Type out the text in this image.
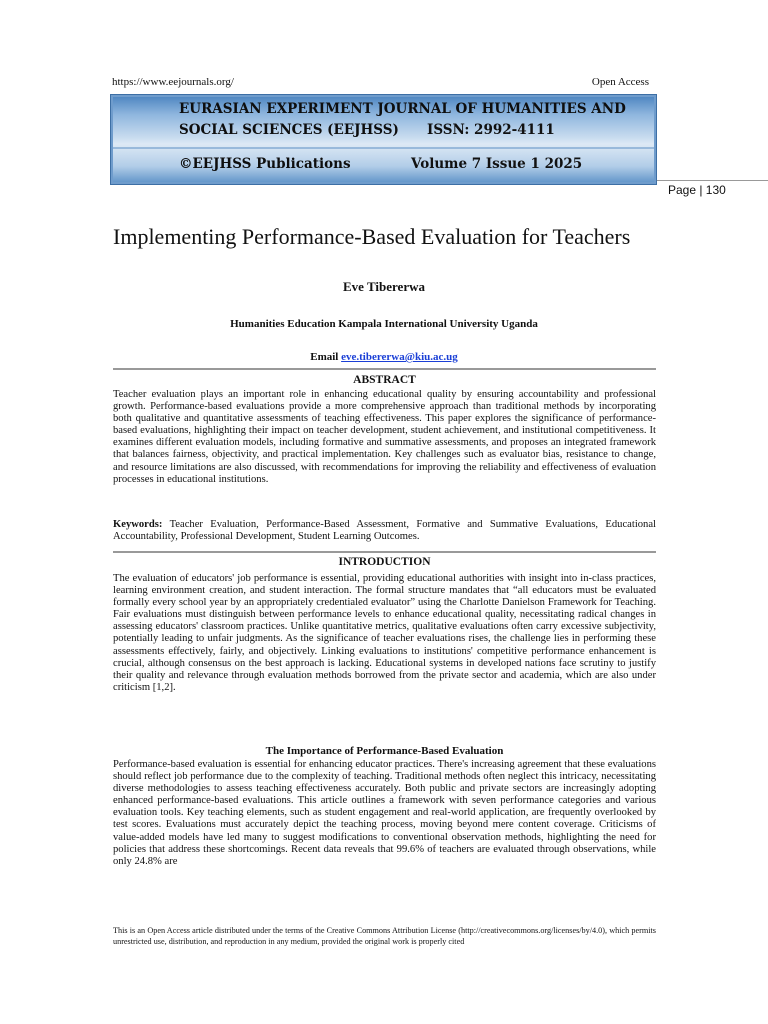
https://www.eejournals.org/	Open Access
EURASIAN EXPERIMENT JOURNAL OF HUMANITIES AND
SOCIAL SCIENCES (EEJHSS) ISSN: 2992-4111
©EEJHSS Publications	Volume 7 Issue 1 2025
Page | 130
Implementing Performance-Based Evaluation for Teachers
Eve Tibererwa
Humanities Education Kampala International University Uganda
Email eve.tibererwa@kiu.ac.ug
ABSTRACT
Teacher evaluation plays an important role in enhancing educational quality by ensuring accountability and professional growth. Performance-based evaluations provide a more comprehensive approach than traditional methods by incorporating both qualitative and quantitative assessments of teaching effectiveness. This paper explores the significance of performance-based evaluations, highlighting their impact on teacher development, student achievement, and institutional competitiveness. It examines different evaluation models, including formative and summative assessments, and proposes an integrated framework that balances fairness, objectivity, and practical implementation. Key challenges such as evaluator bias, resistance to change, and resource limitations are also discussed, with recommendations for improving the reliability and effectiveness of evaluation processes in educational institutions.
Keywords: Teacher Evaluation, Performance-Based Assessment, Formative and Summative Evaluations, Educational Accountability, Professional Development, Student Learning Outcomes.
INTRODUCTION
The evaluation of educators' job performance is essential, providing educational authorities with insight into in-class practices, learning environment creation, and student interaction. The formal structure mandates that “all educators must be evaluated formally every school year by an appropriately credentialed evaluator” using the Charlotte Danielson Framework for Teaching. Fair evaluations must distinguish between performance levels to enhance educational quality, necessitating radical changes in assessing educators' classroom practices. Unlike quantitative metrics, qualitative evaluations often carry excessive subjectivity, potentially leading to unfair judgments. As the significance of teacher evaluations rises, the challenge lies in performing these assessments effectively, fairly, and objectively. Linking evaluations to institutions' competitive performance enhancement is crucial, although consensus on the best approach is lacking. Educational systems in developed nations face scrutiny to justify their quality and relevance through evaluation methods borrowed from the private sector and academia, which are also under criticism [1,2].
The Importance of Performance-Based Evaluation
Performance-based evaluation is essential for enhancing educator practices. There's increasing agreement that these evaluations should reflect job performance due to the complexity of teaching. Traditional methods often neglect this intricacy, necessitating diverse methodologies to assess teaching effectiveness accurately. Both public and private sectors are increasingly adopting enhanced performance-based evaluations. This article outlines a framework with seven performance categories and various evaluation tools. Key teaching elements, such as student engagement and real-world application, are frequently overlooked by test scores. Evaluations must accurately depict the teaching process, moving beyond mere content coverage. Criticisms of value-added models have led many to suggest modifications to conventional observation methods, highlighting the need for policies that address these shortcomings. Recent data reveals that 99.6% of teachers are evaluated through observations, while only 24.8% are
This is an Open Access article distributed under the terms of the Creative Commons Attribution License (http://creativecommons.org/licenses/by/4.0), which permits unrestricted use, distribution, and reproduction in any medium, provided the original work is properly cited
